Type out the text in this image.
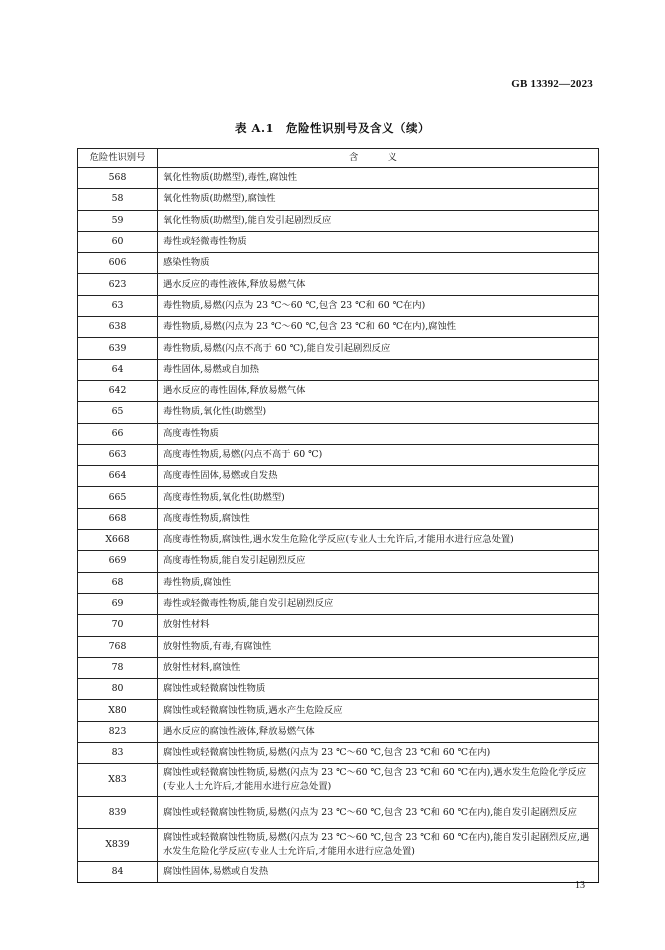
GB 13392—2023
表 A.1　危险性识别号及含义（续）
危险性识别号	含　义
568	氧化性物质(助燃型),毒性,腐蚀性
58	氧化性物质(助燃型),腐蚀性
59	氧化性物质(助燃型),能自发引起剧烈反应
60	毒性或轻微毒性物质
606	感染性物质
623	遇水反应的毒性液体,释放易燃气体
63	毒性物质,易燃(闪点为 23 ℃～60 ℃,包含 23 ℃和 60 ℃在内)
638	毒性物质,易燃(闪点为 23 ℃～60 ℃,包含 23 ℃和 60 ℃在内),腐蚀性
639	毒性物质,易燃(闪点不高于 60 ℃),能自发引起剧烈反应
64	毒性固体,易燃或自加热
642	遇水反应的毒性固体,释放易燃气体
65	毒性物质,氧化性(助燃型)
66	高度毒性物质
663	高度毒性物质,易燃(闪点不高于 60 ℃)
664	高度毒性固体,易燃或自发热
665	高度毒性物质,氧化性(助燃型)
668	高度毒性物质,腐蚀性
X668	高度毒性物质,腐蚀性,遇水发生危险化学反应(专业人士允许后,才能用水进行应急处置)
669	高度毒性物质,能自发引起剧烈反应
68	毒性物质,腐蚀性
69	毒性或轻微毒性物质,能自发引起剧烈反应
70	放射性材料
768	放射性物质,有毒,有腐蚀性
78	放射性材料,腐蚀性
80	腐蚀性或轻微腐蚀性物质
X80	腐蚀性或轻微腐蚀性物质,遇水产生危险反应
823	遇水反应的腐蚀性液体,释放易燃气体
83	腐蚀性或轻微腐蚀性物质,易燃(闪点为 23 ℃～60 ℃,包含 23 ℃和 60 ℃在内)
X83	腐蚀性或轻微腐蚀性物质,易燃(闪点为 23 ℃～60 ℃,包含 23 ℃和 60 ℃在内),遇水发生危险化学反应(专业人士允许后,才能用水进行应急处置)
839	腐蚀性或轻微腐蚀性物质,易燃(闪点为 23 ℃～60 ℃,包含 23 ℃和 60 ℃在内),能自发引起剧烈反应
X839	腐蚀性或轻微腐蚀性物质,易燃(闪点为 23 ℃～60 ℃,包含 23 ℃和 60 ℃在内),能自发引起剧烈反应,遇水发生危险化学反应(专业人士允许后,才能用水进行应急处置)
84	腐蚀性固体,易燃或自发热
13
